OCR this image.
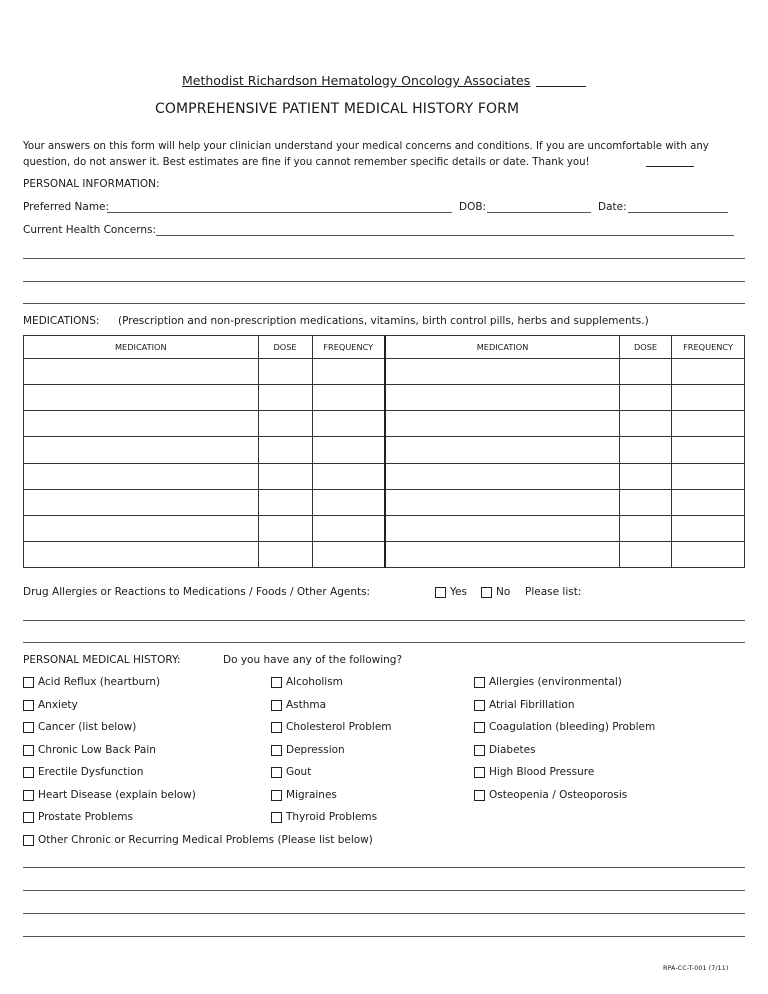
Methodist Richardson Hematology Oncology Associates
COMPREHENSIVE PATIENT MEDICAL HISTORY FORM
Your answers on this form will help your clinician understand your medical concerns and conditions. If you are uncomfortable with any question, do not answer it. Best estimates are fine if you cannot remember specific details or date. Thank you!
PERSONAL INFORMATION:
Preferred Name:	DOB:	Date:
Current Health Concerns:
MEDICATIONS: (Prescription and non-prescription medications, vitamins, birth control pills, herbs and supplements.)
MEDICATION	DOSE	FREQUENCY	MEDICATION	DOSE	FREQUENCY

Drug Allergies or Reactions to Medications / Foods / Other Agents:	Yes	No Please list:
PERSONAL MEDICAL HISTORY:	Do you have any of the following?
Acid Reflux (heartburn)
Anxiety
Cancer (list below)
Chronic Low Back Pain
Erectile Dysfunction
Heart Disease (explain below)
Prostate Problems
Alcoholism
Asthma
Cholesterol Problem
Depression
Gout
Migraines
Thyroid Problems
Allergies (environmental)
Atrial Fibrillation
Coagulation (bleeding) Problem
Diabetes
High Blood Pressure
Osteopenia / Osteoporosis
Other Chronic or Recurring Medical Problems (Please list below)
RPA-CC-T-001 (7/11)
